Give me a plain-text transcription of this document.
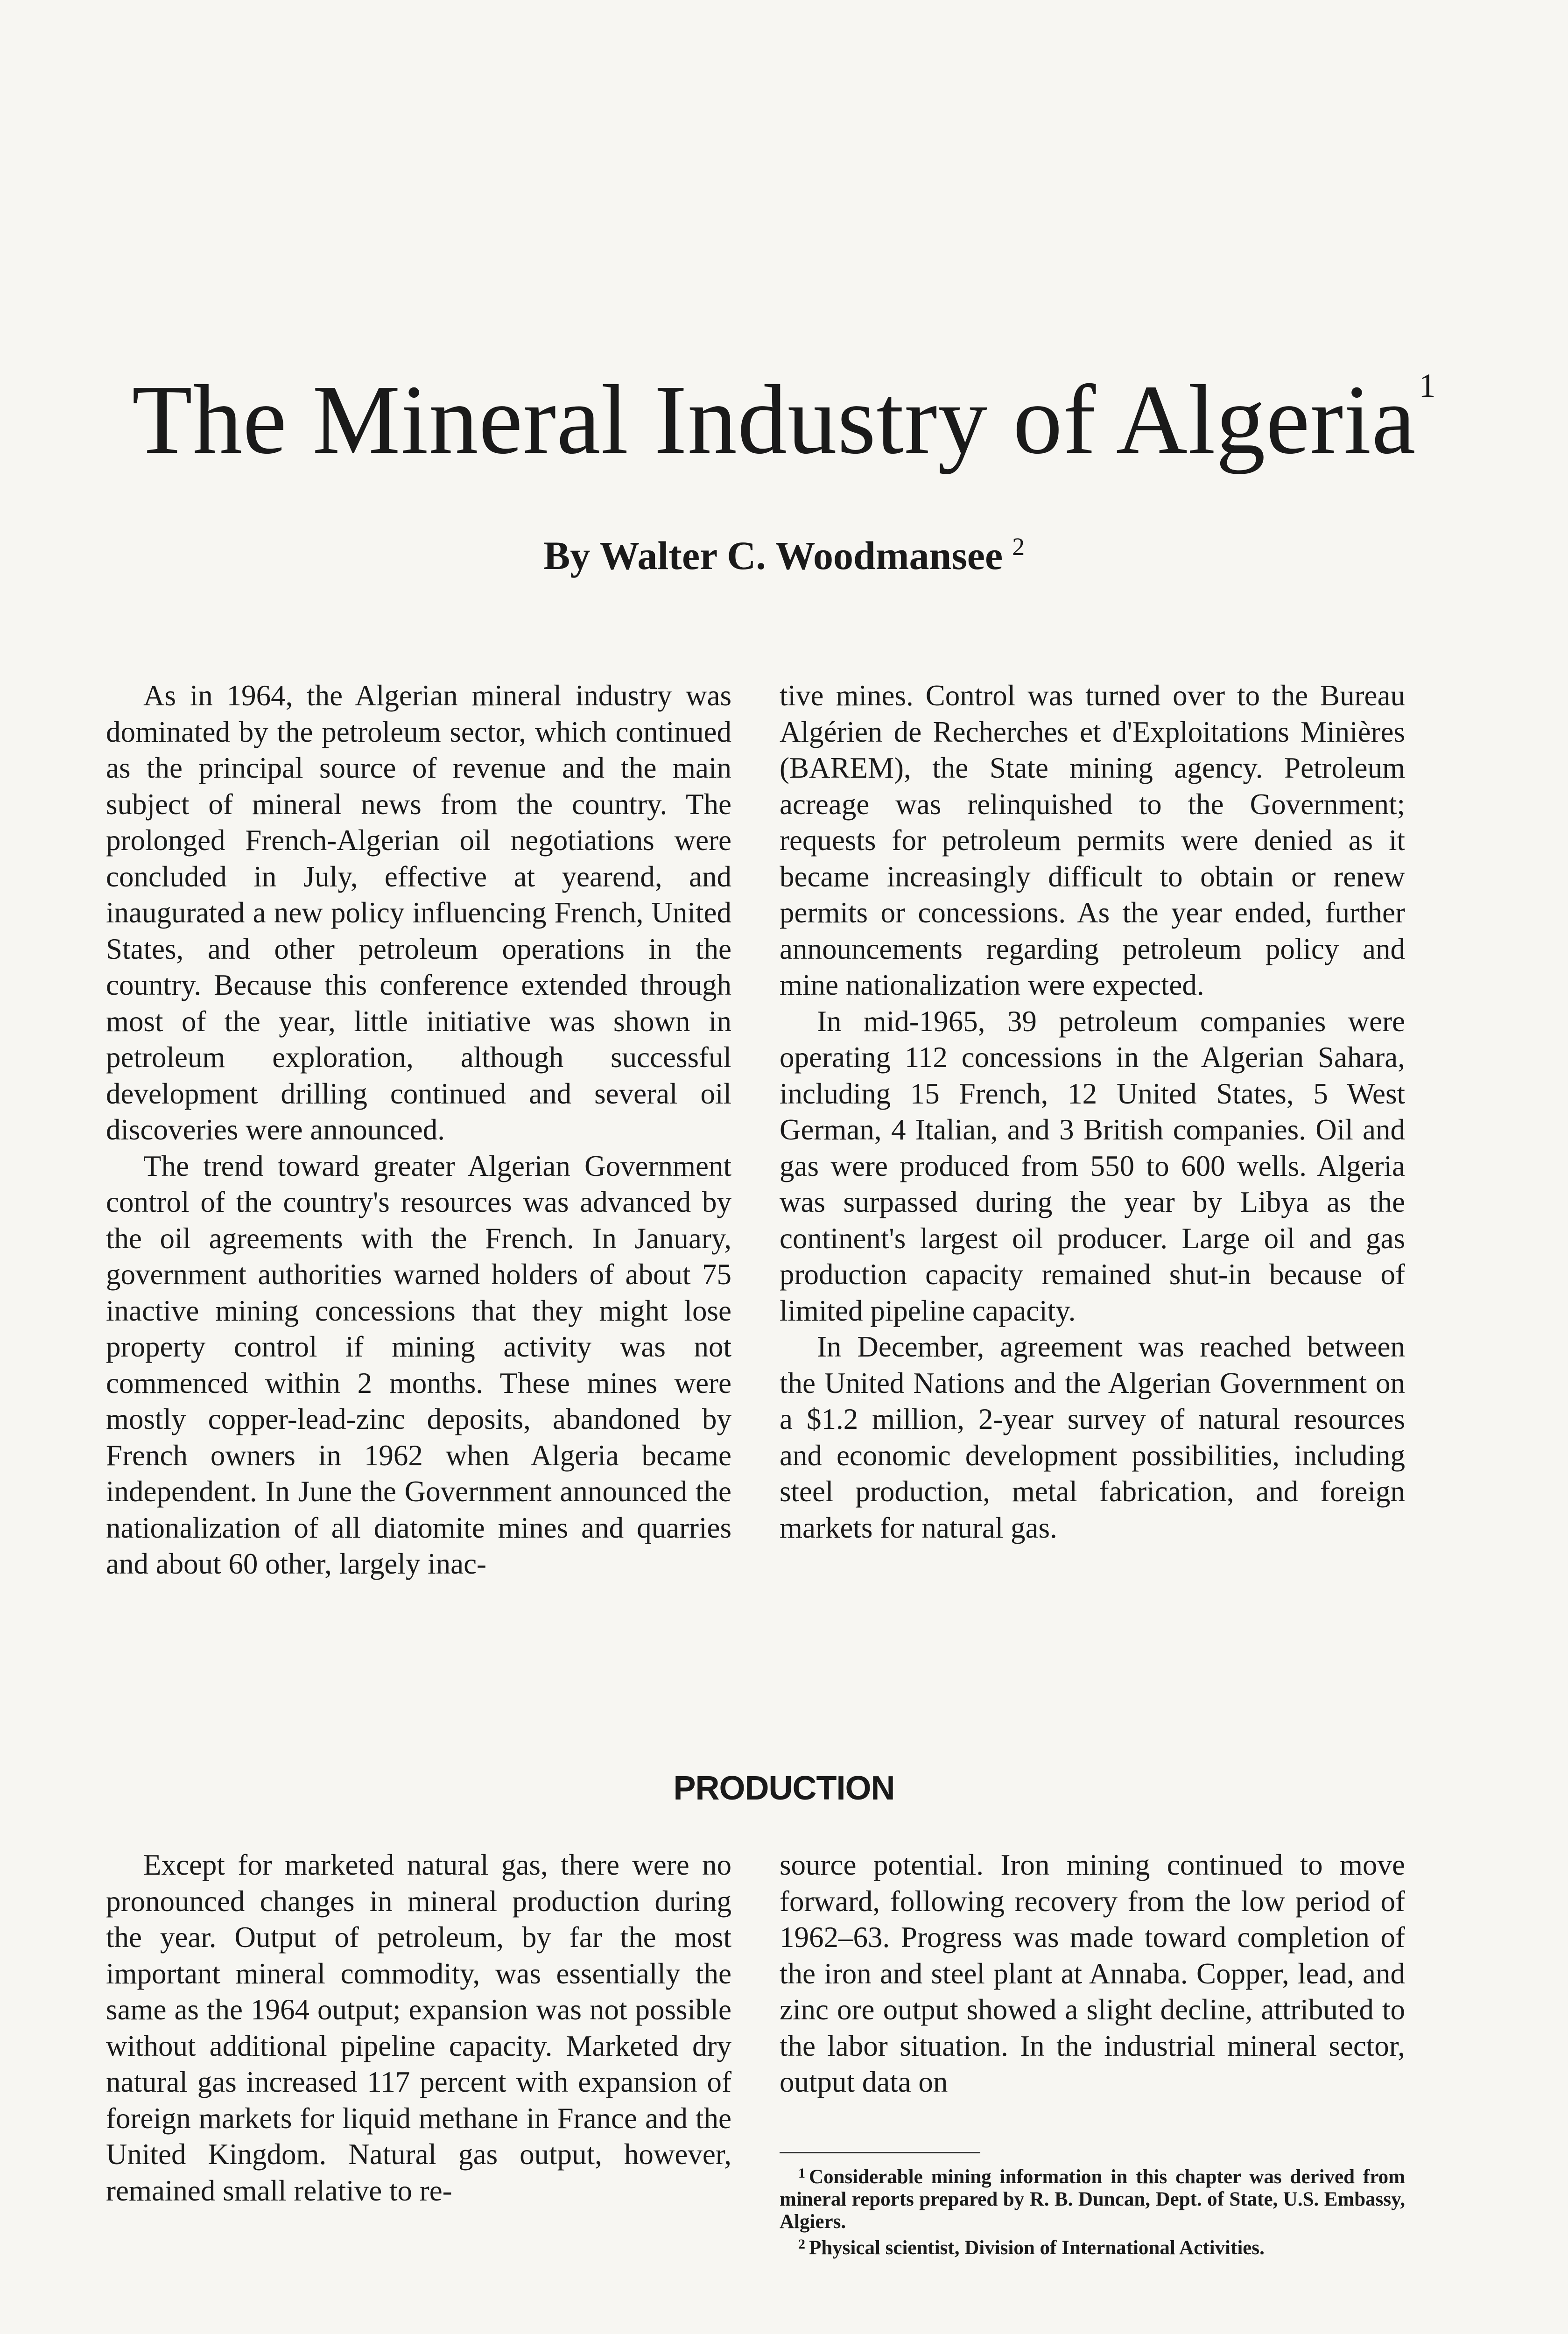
The Mineral Industry of Algeria$^1$
By Walter C. Woodmansee $^2$

As in 1964, the Algerian mineral industry was dominated by the petroleum sector, which continued as the principal source of revenue and the main subject of mineral news from the country. The prolonged French-Algerian oil negotiations were concluded in July, effective at yearend, and inaugurated a new policy influencing French, United States, and other petroleum operations in the country. Because this conference extended through most of the year, little initiative was shown in petroleum exploration, although successful development drilling continued and several oil discoveries were announced.

The trend toward greater Algerian Government control of the country's resources was advanced by the oil agreements with the French. In January, government authorities warned holders of about 75 inactive mining concessions that they might lose property control if mining activity was not commenced within 2 months. These mines were mostly copper-lead-zinc deposits, abandoned by French owners in 1962 when Algeria became independent. In June the Government announced the nationalization of all diatomite mines and quarries and about 60 other, largely inac-

tive mines. Control was turned over to the Bureau Algérien de Recherches et d'Exploitations Minières (BAREM), the State mining agency. Petroleum acreage was relinquished to the Government; requests for petroleum permits were denied as it became increasingly difficult to obtain or renew permits or concessions. As the year ended, further announcements regarding petroleum policy and mine nationalization were expected.

In mid-1965, 39 petroleum companies were operating 112 concessions in the Algerian Sahara, including 15 French, 12 United States, 5 West German, 4 Italian, and 3 British companies. Oil and gas were produced from 550 to 600 wells. Algeria was surpassed during the year by Libya as the continent's largest oil producer. Large oil and gas production capacity remained shut-in because of limited pipeline capacity.

In December, agreement was reached between the United Nations and the Algerian Government on a $1.2 million, 2-year survey of natural resources and economic development possibilities, including steel production, metal fabrication, and foreign markets for natural gas.

PRODUCTION

Except for marketed natural gas, there were no pronounced changes in mineral production during the year. Output of petroleum, by far the most important mineral commodity, was essentially the same as the 1964 output; expansion was not possible without additional pipeline capacity. Marketed dry natural gas increased 117 percent with expansion of foreign markets for liquid methane in France and the United Kingdom. Natural gas output, however, remained small relative to re-

source potential. Iron mining continued to move forward, following recovery from the low period of 1962–63. Progress was made toward completion of the iron and steel plant at Annaba. Copper, lead, and zinc ore output showed a slight decline, attributed to the labor situation. In the industrial mineral sector, output data on

$^1$ Considerable mining information in this chapter was derived from mineral reports prepared by R. B. Duncan, Dept. of State, U.S. Embassy, Algiers.

$^2$ Physical scientist, Division of International Activities.
